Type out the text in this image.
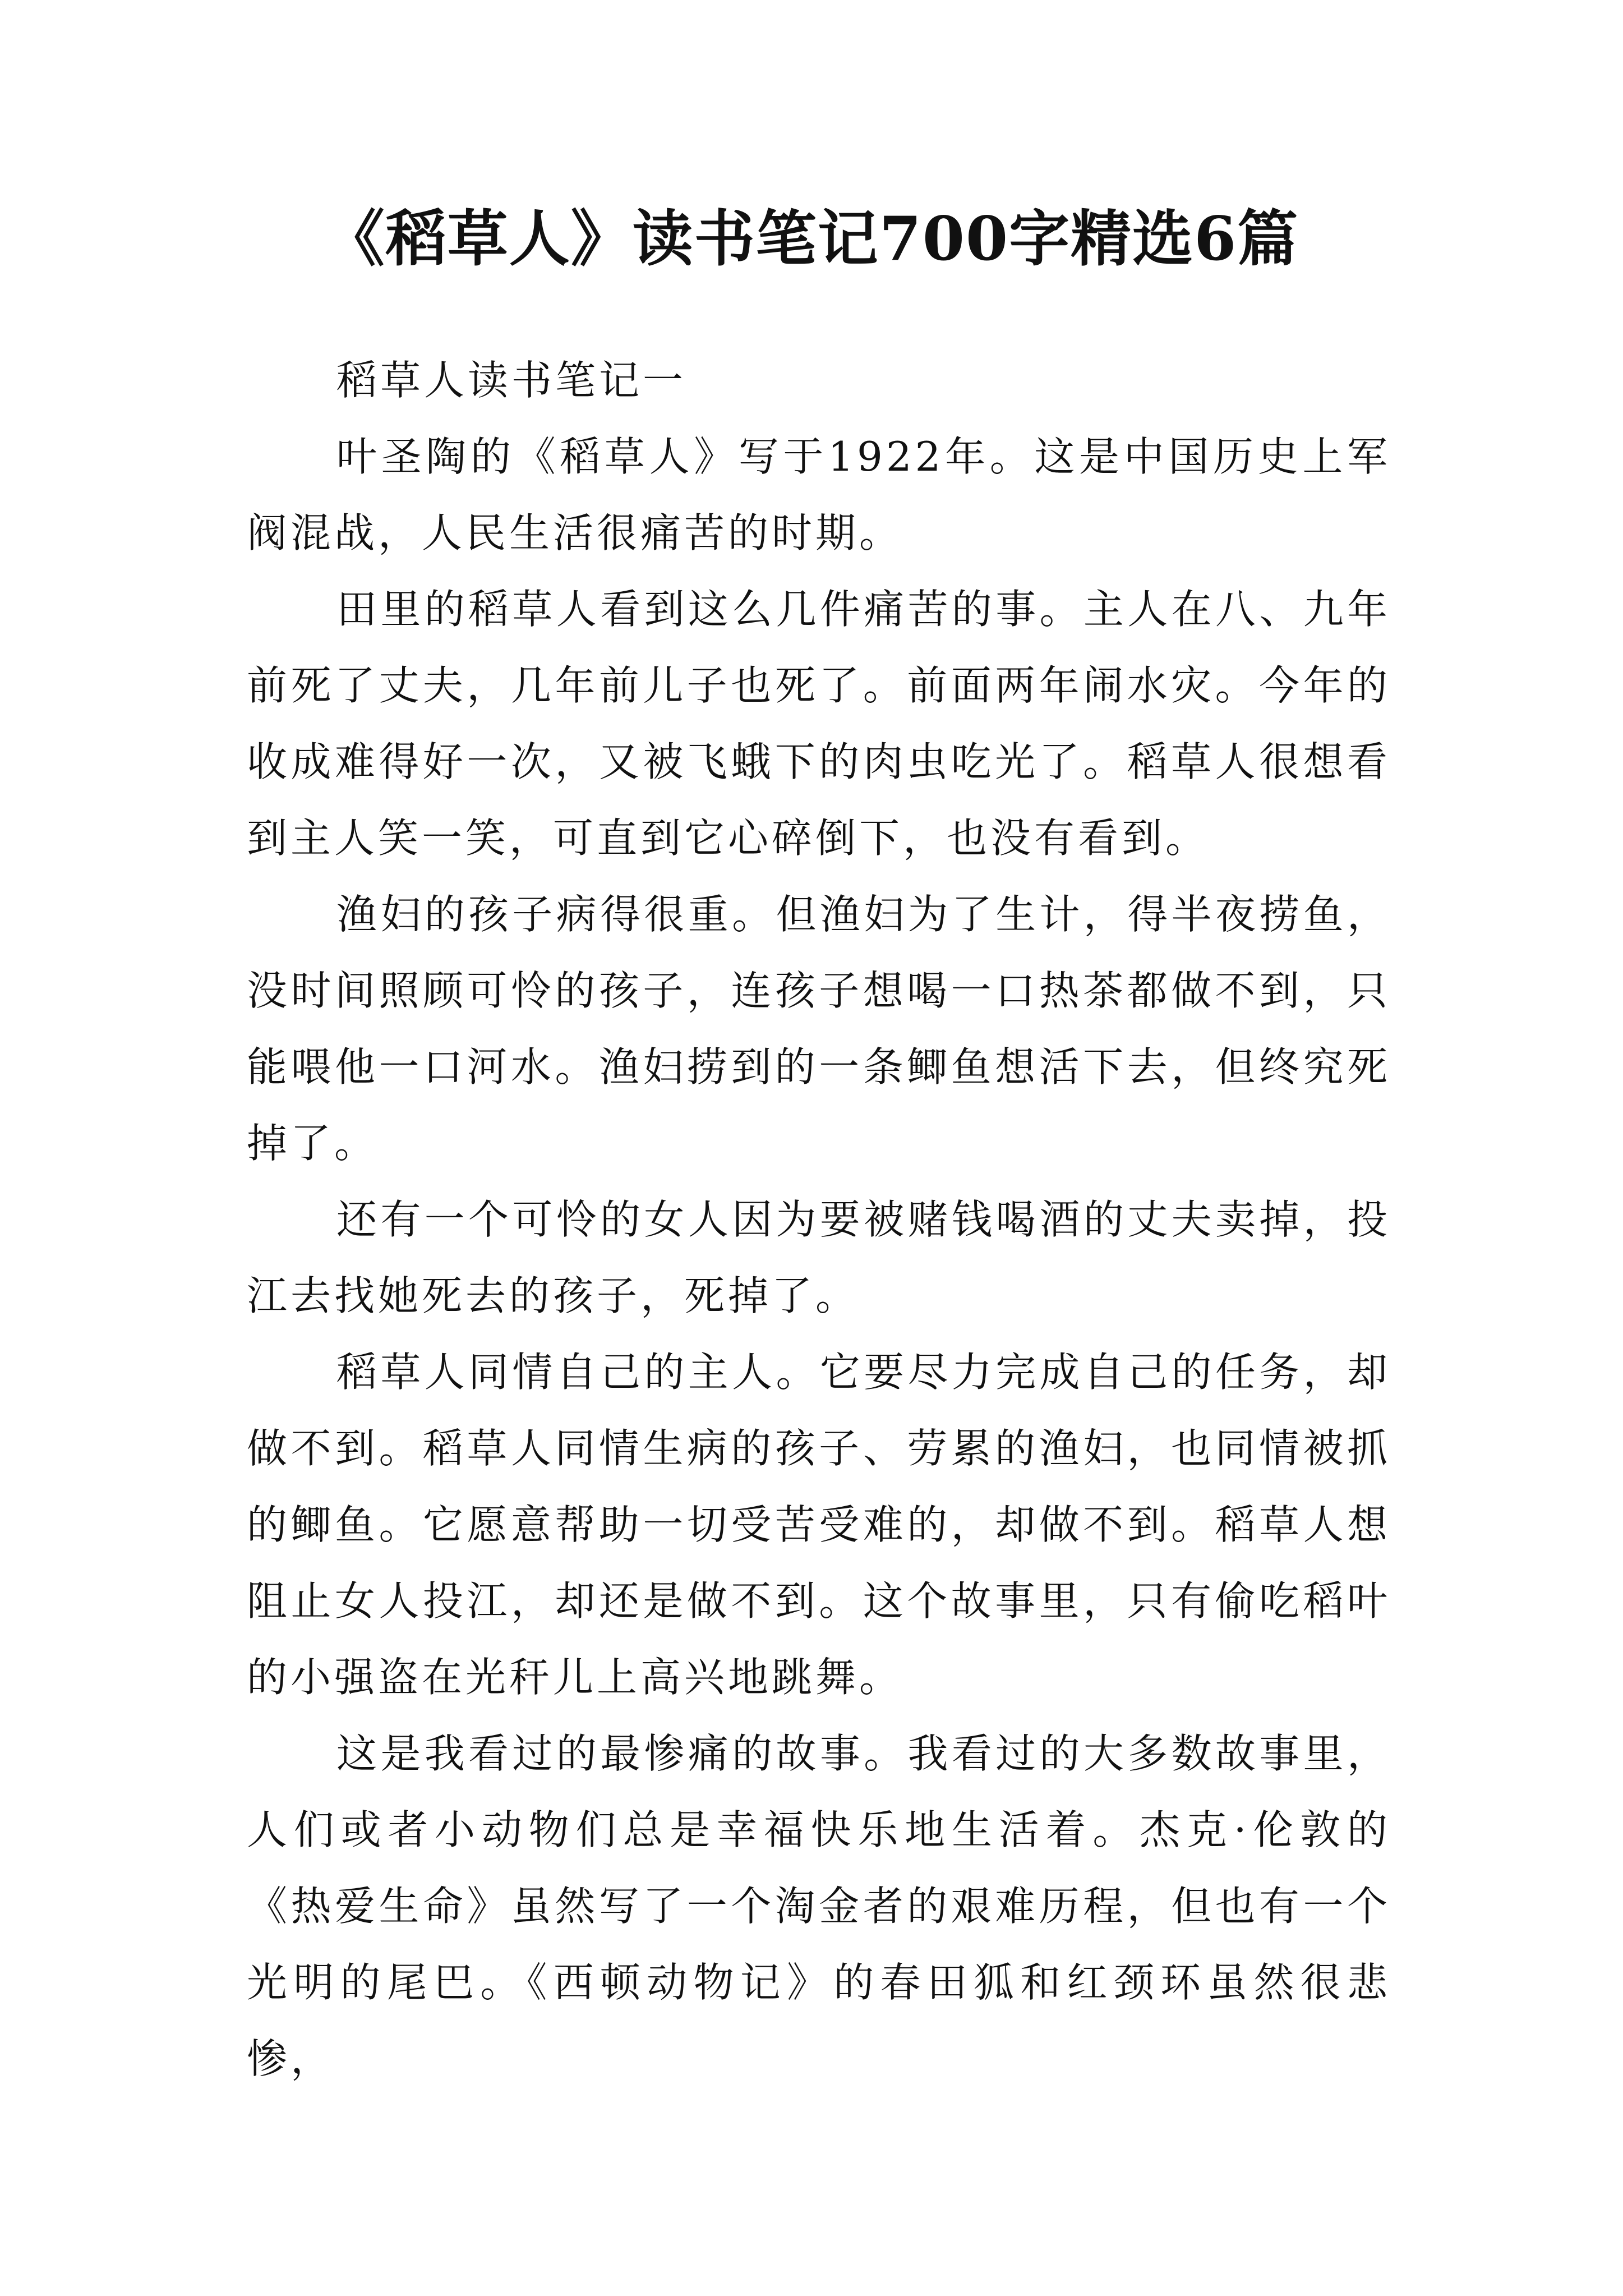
《稻草人》读书笔记700字精选6篇

稻草人读书笔记一

叶圣陶的《稻草人》写于1922年。这是中国历史上军阀混战，人民生活很痛苦的时期。

田里的稻草人看到这么几件痛苦的事。主人在八、九年前死了丈夫，几年前儿子也死了。前面两年闹水灾。今年的收成难得好一次，又被飞蛾下的肉虫吃光了。稻草人很想看到主人笑一笑，可直到它心碎倒下，也没有看到。

渔妇的孩子病得很重。但渔妇为了生计，得半夜捞鱼，没时间照顾可怜的孩子，连孩子想喝一口热茶都做不到，只能喂他一口河水。渔妇捞到的一条鲫鱼想活下去，但终究死掉了。

还有一个可怜的女人因为要被赌钱喝酒的丈夫卖掉，投江去找她死去的孩子，死掉了。

稻草人同情自己的主人。它要尽力完成自己的任务，却做不到。稻草人同情生病的孩子、劳累的渔妇，也同情被抓的鲫鱼。它愿意帮助一切受苦受难的，却做不到。稻草人想阻止女人投江，却还是做不到。这个故事里，只有偷吃稻叶的小强盗在光秆儿上高兴地跳舞。

这是我看过的最惨痛的故事。我看过的大多数故事里，人们或者小动物们总是幸福快乐地生活着。杰克·伦敦的《热爱生命》虽然写了一个淘金者的艰难历程，但也有一个光明的尾巴。《西顿动物记》的春田狐和红颈环虽然很悲惨，
